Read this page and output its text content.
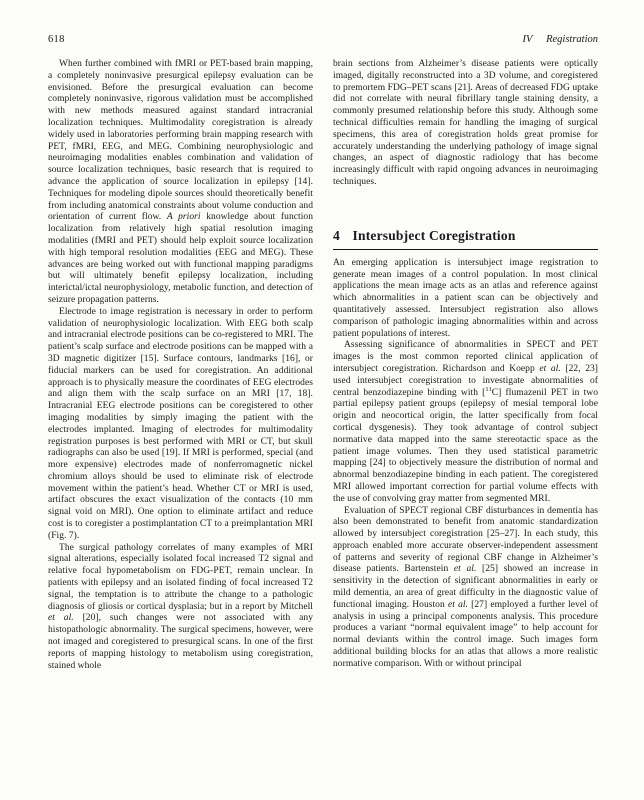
618	IV Registration

When further combined with fMRI or PET-based brain mapping, a completely noninvasive presurgical epilepsy evaluation can be envisioned. Before the presurgical evaluation can become completely noninvasive, rigorous validation must be accomplished with new methods measured against standard intracranial localization techniques. Multimodality coregistration is already widely used in laboratories performing brain mapping research with PET, fMRI, EEG, and MEG. Combining neurophysiologic and neuroimaging modalities enables combination and validation of source localization techniques, basic research that is required to advance the application of source localization in epilepsy [14]. Techniques for modeling dipole sources should theoretically benefit from including anatomical constraints about volume conduction and orientation of current flow. A priori knowledge about function localization from relatively high spatial resolution imaging modalities (fMRI and PET) should help exploit source localization with high temporal resolution modalities (EEG and MEG). These advances are being worked out with functional mapping paradigms but will ultimately benefit epilepsy localization, including interictal/ictal neurophysiology, metabolic function, and detection of seizure propagation patterns.

Electrode to image registration is necessary in order to perform validation of neurophysiologic localization. With EEG both scalp and intracranial electrode positions can be co-registered to MRI. The patient’s scalp surface and electrode positions can be mapped with a 3D magnetic digitizer [15]. Surface contours, landmarks [16], or fiducial markers can be used for coregistration. An additional approach is to physically measure the coordinates of EEG electrodes and align them with the scalp surface on an MRI [17, 18]. Intracranial EEG electrode positions can be coregistered to other imaging modalities by simply imaging the patient with the electrodes implanted. Imaging of electrodes for multimodality registration purposes is best performed with MRI or CT, but skull radiographs can also be used [19]. If MRI is performed, special (and more expensive) electrodes made of nonferromagnetic nickel chromium alloys should be used to eliminate risk of electrode movement within the patient’s head. Whether CT or MRI is used, artifact obscures the exact visualization of the contacts (10 mm signal void on MRI). One option to eliminate artifact and reduce cost is to coregister a postimplantation CT to a preimplantation MRI (Fig. 7).

The surgical pathology correlates of many examples of MRI signal alterations, especially isolated focal increased T2 signal and relative focal hypometabolism on FDG-PET, remain unclear. In patients with epilepsy and an isolated finding of focal increased T2 signal, the temptation is to attribute the change to a pathologic diagnosis of gliosis or cortical dysplasia; but in a report by Mitchell et al. [20], such changes were not associated with any histopathologic abnormality. The surgical specimens, however, were not imaged and coregistered to presurgical scans. In one of the first reports of mapping histology to metabolism using coregistration, stained whole

brain sections from Alzheimer’s disease patients were optically imaged, digitally reconstructed into a 3D volume, and coregistered to premortem FDG–PET scans [21]. Areas of decreased FDG uptake did not correlate with neural fibrillary tangle staining density, a commonly presumed relationship before this study. Although some technical difficulties remain for handling the imaging of surgical specimens, this area of coregistration holds great promise for accurately understanding the underlying pathology of image signal changes, an aspect of diagnostic radiology that has become increasingly difficult with rapid ongoing advances in neuroimaging techniques.

4 Intersubject Coregistration

An emerging application is intersubject image registration to generate mean images of a control population. In most clinical applications the mean image acts as an atlas and reference against which abnormalities in a patient scan can be objectively and quantitatively assessed. Intersubject registration also allows comparison of pathologic imaging abnormalities within and across patient populations of interest.

Assessing significance of abnormalities in SPECT and PET images is the most common reported clinical application of intersubject coregistration. Richardson and Koepp et al. [22, 23] used intersubject coregistration to investigate abnormalities of central benzodiazepine binding with [$^{11}$C] flumazenil PET in two partial epilepsy patient groups (epilepsy of mesial temporal lobe origin and neocortical origin, the latter specifically from focal cortical dysgenesis). They took advantage of control subject normative data mapped into the same stereotactic space as the patient image volumes. Then they used statistical parametric mapping [24] to objectively measure the distribution of normal and abnormal benzodiazepine binding in each patient. The coregistered MRI allowed important correction for partial volume effects with the use of convolving gray matter from segmented MRI.

Evaluation of SPECT regional CBF disturbances in dementia has also been demonstrated to benefit from anatomic standardization allowed by intersubject coregistration [25–27]. In each study, this approach enabled more accurate observer-independent assessment of patterns and severity of regional CBF change in Alzheimer’s disease patients. Bartenstein et al. [25] showed an increase in sensitivity in the detection of significant abnormalities in early or mild dementia, an area of great difficulty in the diagnostic value of functional imaging. Houston et al. [27] employed a further level of analysis in using a principal components analysis. This procedure produces a variant “normal equivalent image” to help account for normal deviants within the control image. Such images form additional building blocks for an atlas that allows a more realistic normative comparison. With or without principal
